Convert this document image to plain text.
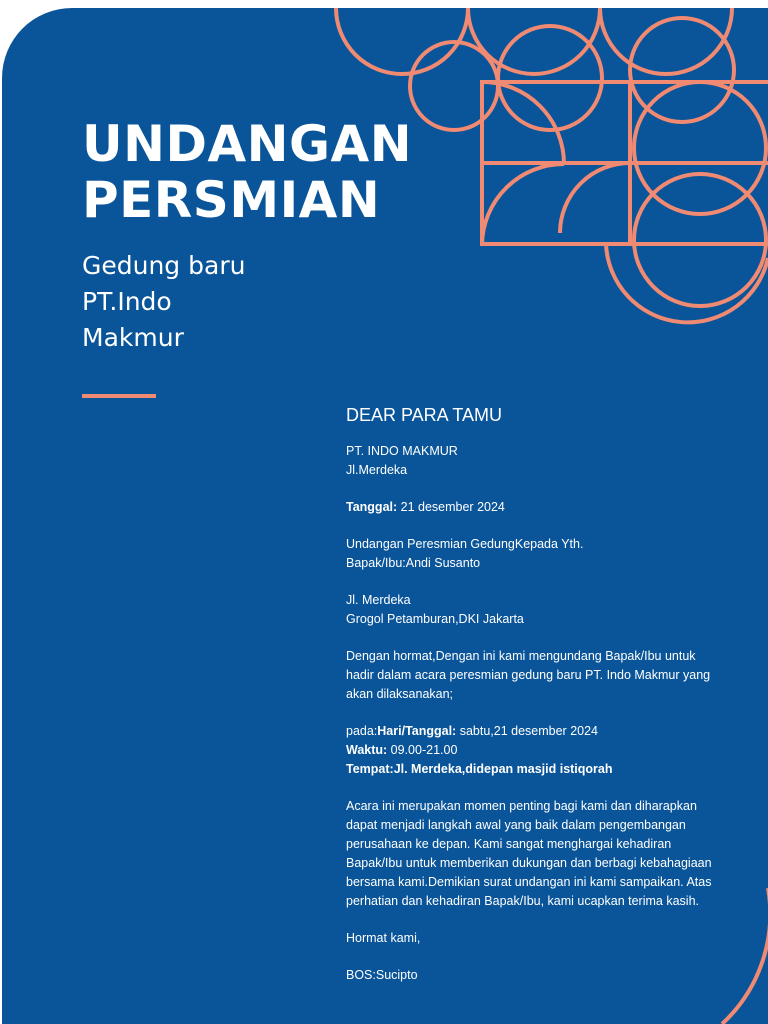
UNDANGAN
PERSMIAN
Gedung baru
PT.Indo
Makmur
DEAR PARA TAMU

PT. INDO MAKMUR
Jl.Merdeka

Tanggal: 21 desember 2024

Undangan Peresmian GedungKepada Yth.
Bapak/Ibu:Andi Susanto

Jl. Merdeka
Grogol Petamburan,DKI Jakarta

Dengan hormat,Dengan ini kami mengundang Bapak/Ibu untuk hadir dalam acara peresmian gedung baru PT. Indo Makmur yang akan dilaksanakan;

pada:Hari/Tanggal: sabtu,21 desember 2024
Waktu: 09.00-21.00
Tempat:Jl. Merdeka,didepan masjid istiqorah

Acara ini merupakan momen penting bagi kami dan diharapkan dapat menjadi langkah awal yang baik dalam pengembangan perusahaan ke depan. Kami sangat menghargai kehadiran Bapak/Ibu untuk memberikan dukungan dan berbagi kebahagiaan bersama kami.Demikian surat undangan ini kami sampaikan. Atas perhatian dan kehadiran Bapak/Ibu, kami ucapkan terima kasih.

Hormat kami,

BOS:Sucipto
